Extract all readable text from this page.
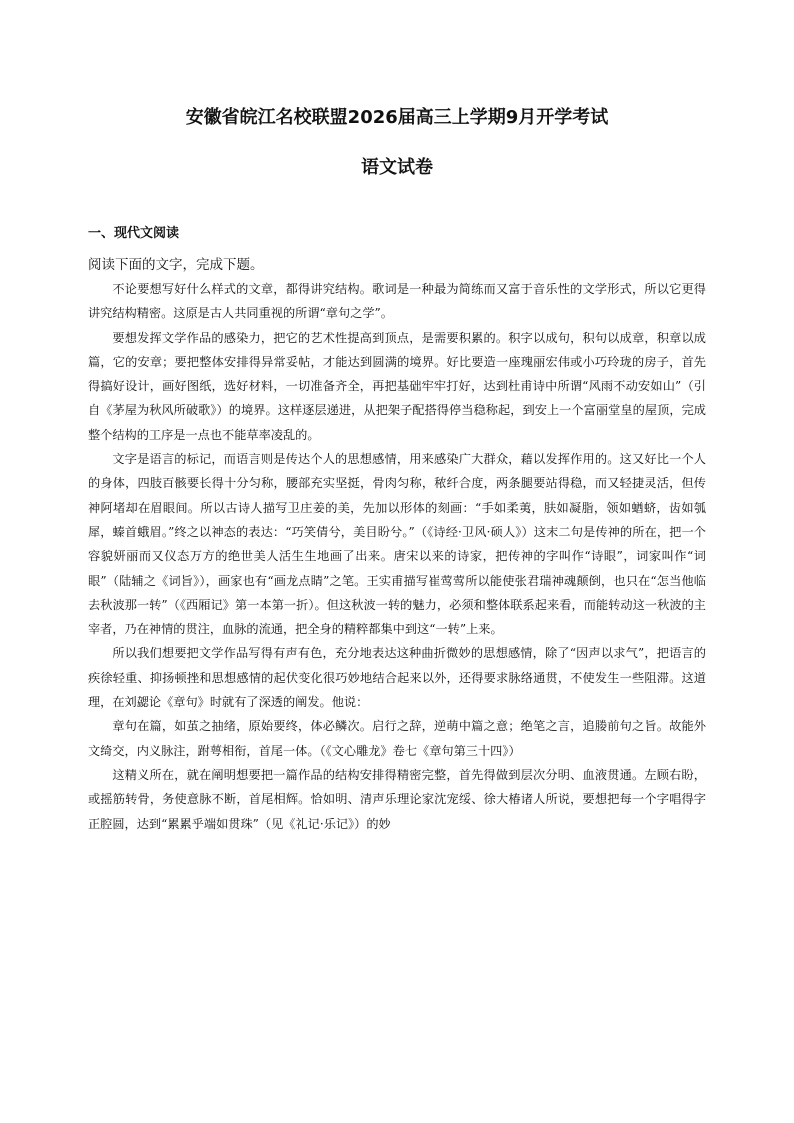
安徽省皖江名校联盟2026届高三上学期9月开学考试
语文试卷
一、现代文阅读
阅读下面的文字，完成下题。

不论要想写好什么样式的文章，都得讲究结构。歌词是一种最为简练而又富于音乐性的文学形式，所以它更得讲究结构精密。这原是古人共同重视的所谓“章句之学”。

要想发挥文学作品的感染力，把它的艺术性提高到顶点，是需要积累的。积字以成句，积句以成章，积章以成篇，它的安章；要把整体安排得异常妥帖，才能达到圆满的境界。好比要造一座瑰丽宏伟或小巧玲珑的房子，首先得搞好设计，画好图纸，选好材料，一切准备齐全，再把基础牢牢打好，达到杜甫诗中所谓“风雨不动安如山”（引自《茅屋为秋风所破歌》）的境界。这样逐层递进，从把架子配搭得停当稳称起，到安上一个富丽堂皇的屋顶，完成整个结构的工序是一点也不能草率凌乱的。

文字是语言的标记，而语言则是传达个人的思想感情，用来感染广大群众，藉以发挥作用的。这又好比一个人的身体，四肢百骸要长得十分匀称，腰部充实坚挺，骨肉匀称，秾纤合度，两条腿要站得稳，而又轻捷灵活，但传神阿堵却在眉眼间。所以古诗人描写卫庄姜的美，先加以形体的刻画：“手如柔荑，肤如凝脂，领如蝤蛴，齿如瓠犀，螓首蛾眉。”终之以神态的表达：“巧笑倩兮，美目盼兮。”（《诗经·卫风·硕人》）这末二句是传神的所在，把一个容貌妍丽而又仪态万方的绝世美人活生生地画了出来。唐宋以来的诗家，把传神的字叫作“诗眼”，词家叫作“词眼”（陆辅之《词旨》），画家也有“画龙点睛”之笔。王实甫描写崔莺莺所以能使张君瑞神魂颠倒，也只在“怎当他临去秋波那一转”（《西厢记》第一本第一折）。但这秋波一转的魅力，必须和整体联系起来看，而能转动这一秋波的主宰者，乃在神情的贯注，血脉的流通，把全身的精粹都集中到这“一转”上来。

所以我们想要把文学作品写得有声有色，充分地表达这种曲折微妙的思想感情，除了“因声以求气”，把语言的疾徐轻重、抑扬顿挫和思想感情的起伏变化很巧妙地结合起来以外，还得要求脉络通贯，不使发生一些阻滞。这道理，在刘勰论《章句》时就有了深透的阐发。他说：

章句在篇，如茧之抽绪，原始要终，体必鳞次。启行之辞，逆萌中篇之意；绝笔之言，追媵前句之旨。故能外文绮交，内义脉注，跗萼相衔，首尾一体。（《文心雕龙》卷七《章句第三十四》）

这精义所在，就在阐明想要把一篇作品的结构安排得精密完整，首先得做到层次分明、血液贯通。左顾右盼，或摇筋转骨，务使意脉不断，首尾相辉。恰如明、清声乐理论家沈宠绥、徐大椿诸人所说，要想把每一个字唱得字正腔圆，达到“累累乎端如贯珠”（见《礼记·乐记》）的妙
